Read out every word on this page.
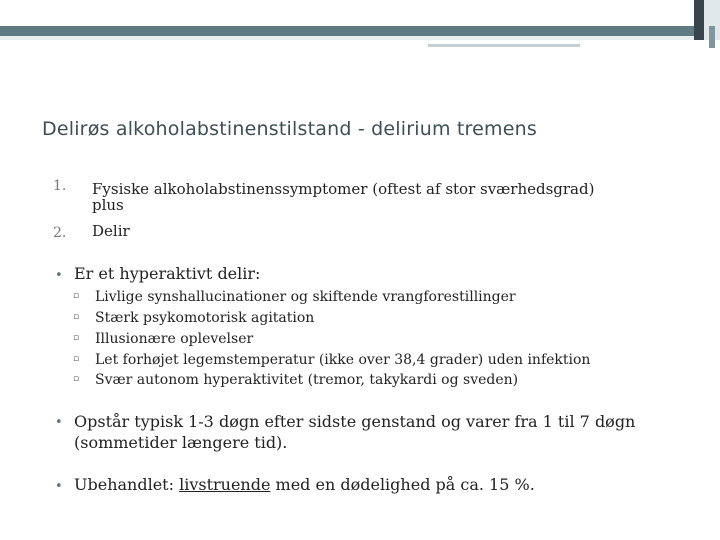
Delirøs alkoholabstinenstilstand - delirium tremens
1. Fysiske alkoholabstinenssymptomer (oftest af stor sværhedsgrad)
plus
2. Delir
• Er et hyperaktivt delir:
▫ Livlige synshallucinationer og skiftende vrangforestillinger
▫ Stærk psykomotorisk agitation
▫ Illusionære oplevelser
▫ Let forhøjet legemstemperatur (ikke over 38,4 grader) uden infektion
▫ Svær autonom hyperaktivitet (tremor, takykardi og sveden)
• Opstår typisk 1-3 døgn efter sidste genstand og varer fra 1 til 7 døgn
(sommetider længere tid).
• Ubehandlet: livstruende med en dødelighed på ca. 15 %.
